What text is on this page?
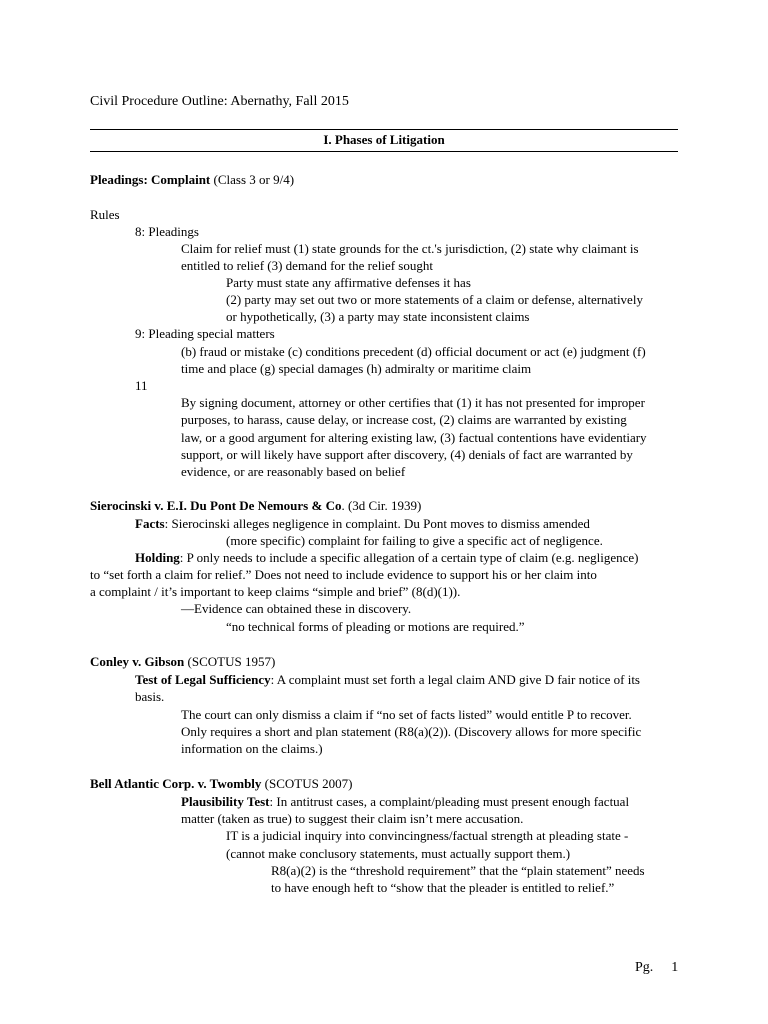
Civil Procedure Outline: Abernathy, Fall 2015
I. Phases of Litigation
Pleadings: Complaint (Class 3 or 9/4)
Rules
8: Pleadings
Claim for relief must (1) state grounds for the ct.'s jurisdiction, (2) state why claimant is
entitled to relief (3) demand for the relief sought
Party must state any affirmative defenses it has
(2) party may set out two or more statements of a claim or defense, alternatively
or hypothetically, (3) a party may state inconsistent claims
9: Pleading special matters
(b) fraud or mistake (c) conditions precedent (d) official document or act (e) judgment (f)
time and place (g) special damages (h) admiralty or maritime claim
11
By signing document, attorney or other certifies that (1) it has not presented for improper
purposes, to harass, cause delay, or increase cost, (2) claims are warranted by existing
law, or a good argument for altering existing law, (3) factual contentions have evidentiary
support, or will likely have support after discovery, (4) denials of fact are warranted by
evidence, or are reasonably based on belief
Sierocinski v. E.I. Du Pont De Nemours & Co. (3d Cir. 1939)
Facts: Sierocinski alleges negligence in complaint. Du Pont moves to dismiss amended
(more specific) complaint for failing to give a specific act of negligence.
Holding: P only needs to include a specific allegation of a certain type of claim (e.g. negligence)
to “set forth a claim for relief.” Does not need to include evidence to support his or her claim into
a complaint / it’s important to keep claims “simple and brief” (8(d)(1)).
—Evidence can obtained these in discovery.
“no technical forms of pleading or motions are required.”
Conley v. Gibson (SCOTUS 1957)
Test of Legal Sufficiency: A complaint must set forth a legal claim AND give D fair notice of its
basis.
The court can only dismiss a claim if “no set of facts listed” would entitle P to recover.
Only requires a short and plan statement (R8(a)(2)). (Discovery allows for more specific
information on the claims.)
Bell Atlantic Corp. v. Twombly (SCOTUS 2007)
Plausibility Test: In antitrust cases, a complaint/pleading must present enough factual
matter (taken as true) to suggest their claim isn’t mere accusation.
IT is a judicial inquiry into convincingness/factual strength at pleading state -
(cannot make conclusory statements, must actually support them.)
R8(a)(2) is the “threshold requirement” that the “plain statement” needs
to have enough heft to “show that the pleader is entitled to relief.”
Pg. 1
